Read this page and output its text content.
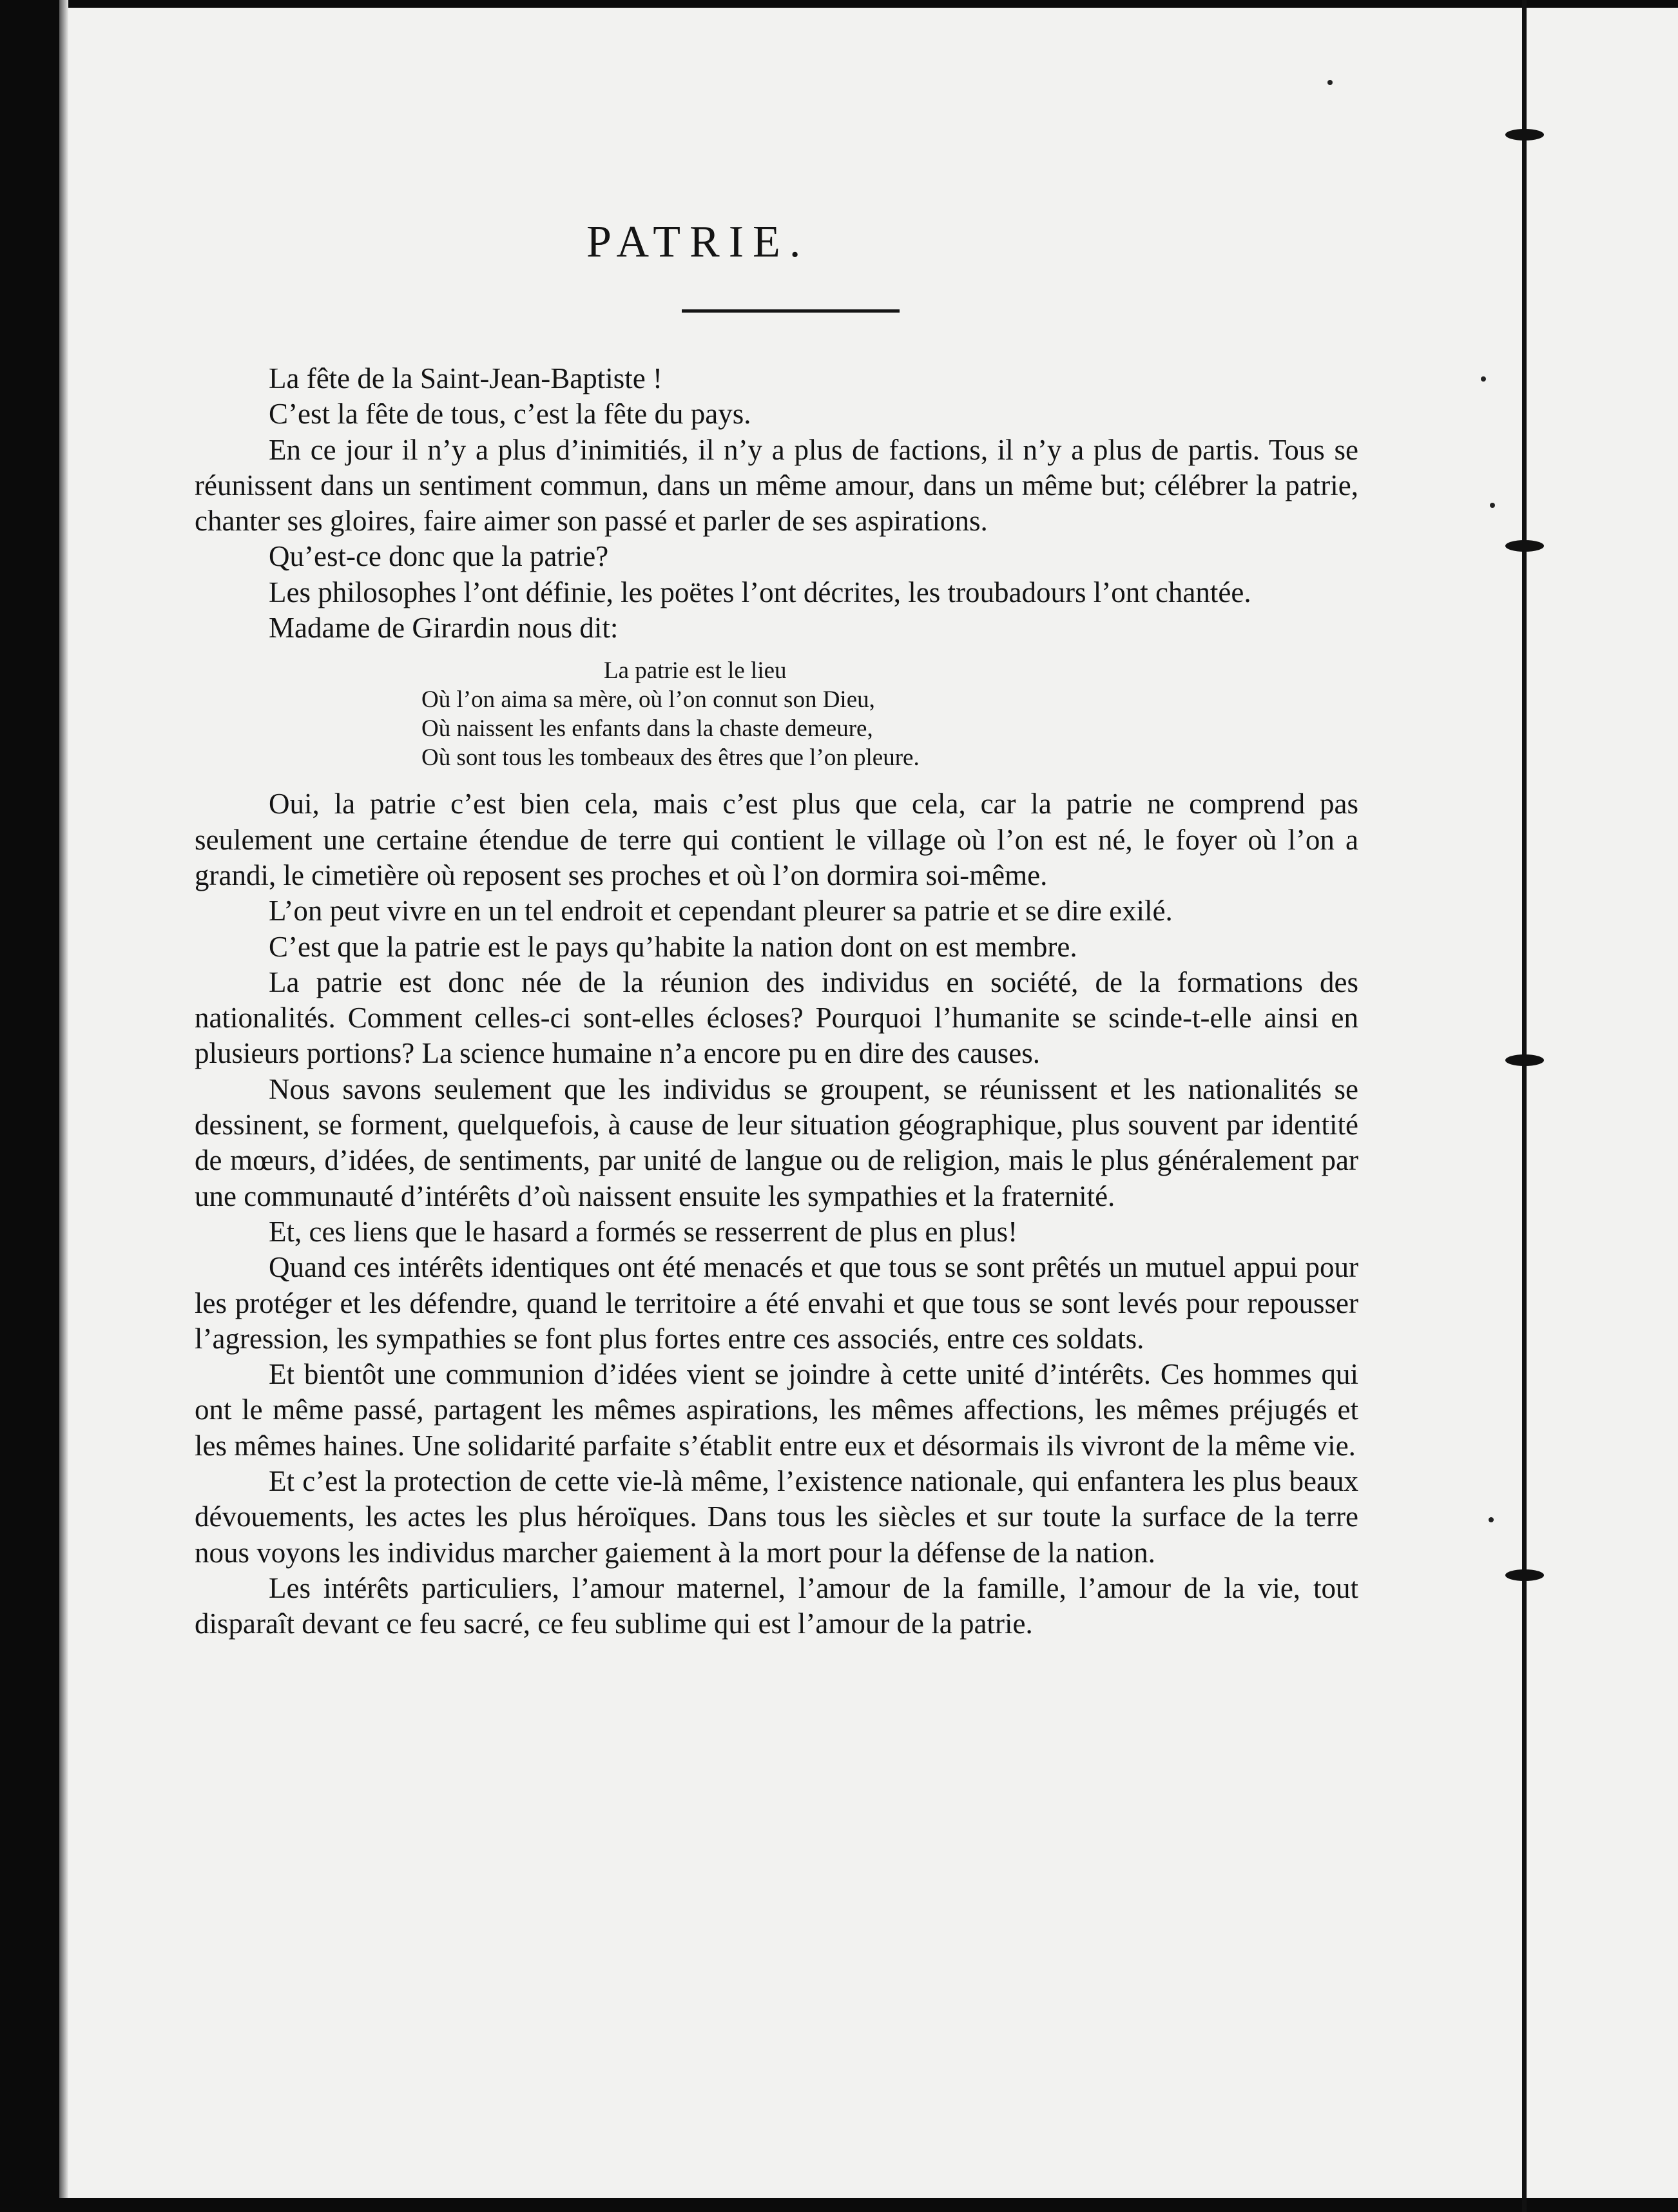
PATRIE.

La fête de la Saint-Jean-Baptiste !

C’est la fête de tous, c’est la fête du pays.

En ce jour il n’y a plus d’inimitiés, il n’y a plus de factions, il n’y a plus de partis. Tous se réunissent dans un sentiment commun, dans un même amour, dans un même but; célébrer la patrie, chanter ses gloires, faire aimer son passé et parler de ses aspirations.

Qu’est-ce donc que la patrie?

Les philosophes l’ont définie, les poëtes l’ont décrites, les troubadours l’ont chantée.

Madame de Girardin nous dit:

La patrie est le lieu
Où l’on aima sa mère, où l’on connut son Dieu,
Où naissent les enfants dans la chaste demeure,
Où sont tous les tombeaux des êtres que l’on pleure.

Oui, la patrie c’est bien cela, mais c’est plus que cela, car la patrie ne comprend pas seulement une certaine étendue de terre qui contient le village où l’on est né, le foyer où l’on a grandi, le cimetière où reposent ses proches et où l’on dormira soi-même.

L’on peut vivre en un tel endroit et cependant pleurer sa patrie et se dire exilé.

C’est que la patrie est le pays qu’habite la nation dont on est membre.

La patrie est donc née de la réunion des individus en société, de la formations des nationalités. Comment celles-ci sont-elles écloses? Pourquoi l’humanite se scinde-t-elle ainsi en plusieurs portions? La science humaine n’a encore pu en dire des causes.

Nous savons seulement que les individus se groupent, se réunissent et les nationalités se dessinent, se forment, quelquefois, à cause de leur situation géographique, plus souvent par identité de mœurs, d’idées, de sentiments, par unité de langue ou de religion, mais le plus généralement par une communauté d’intérêts d’où naissent ensuite les sympathies et la fraternité.

Et, ces liens que le hasard a formés se resserrent de plus en plus!

Quand ces intérêts identiques ont été menacés et que tous se sont prêtés un mutuel appui pour les protéger et les défendre, quand le territoire a été envahi et que tous se sont levés pour repousser l’agression, les sympathies se font plus fortes entre ces associés, entre ces soldats.

Et bientôt une communion d’idées vient se joindre à cette unité d’intérêts. Ces hommes qui ont le même passé, partagent les mêmes aspirations, les mêmes affections, les mêmes préjugés et les mêmes haines. Une solidarité parfaite s’établit entre eux et désormais ils vivront de la même vie.

Et c’est la protection de cette vie-là même, l’existence nationale, qui enfantera les plus beaux dévouements, les actes les plus héroïques. Dans tous les siècles et sur toute la surface de la terre nous voyons les individus marcher gaiement à la mort pour la défense de la nation.

Les intérêts particuliers, l’amour maternel, l’amour de la famille, l’amour de la vie, tout disparaît devant ce feu sacré, ce feu sublime qui est l’amour de la patrie.
